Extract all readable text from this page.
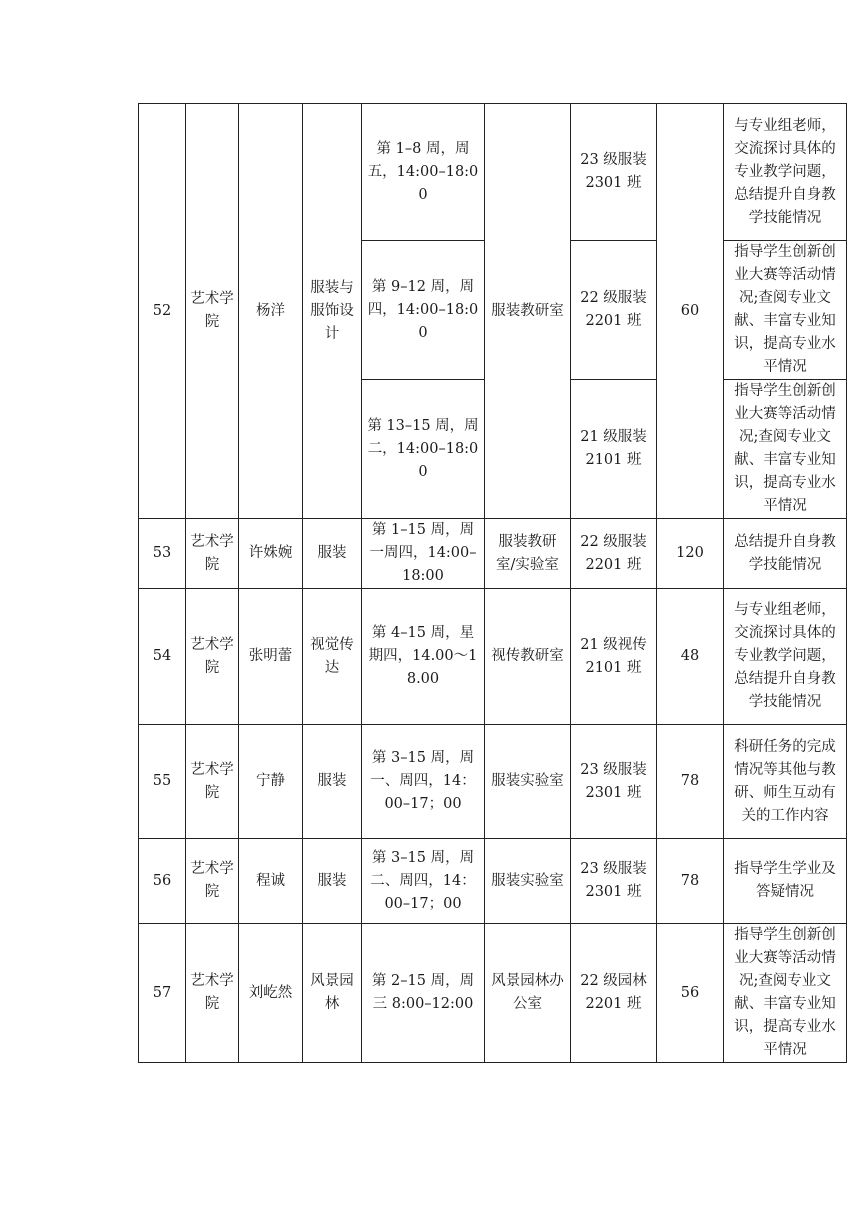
52	艺术学院	杨洋	服装与服饰设计	第 1–8 周，周五，14:00–18:00	服装教研室	23 级服装 2301 班	60	与专业组老师，交流探讨具体的专业教学问题，总结提升自身教学技能情况
				第 9–12 周，周四，14:00–18:00		22 级服装 2201 班		指导学生创新创业大赛等活动情况;查阅专业文献、丰富专业知识，提高专业水平情况
				第 13–15 周，周二，14:00–18:00		21 级服装 2101 班		指导学生创新创业大赛等活动情况;查阅专业文献、丰富专业知识，提高专业水平情况
53	艺术学院	许姝婉	服装	第 1–15 周，周一周四，14:00–18:00	服装教研室/实验室	22 级服装 2201 班	120	总结提升自身教学技能情况
54	艺术学院	张明蕾	视觉传达	第 4–15 周，星期四，14.00～18.00	视传教研室	21 级视传 2101 班	48	与专业组老师，交流探讨具体的专业教学问题，总结提升自身教学技能情况
55	艺术学院	宁静	服装	第 3–15 周，周一、周四，14：00–17；00	服装实验室	23 级服装 2301 班	78	科研任务的完成情况等其他与教研、师生互动有关的工作内容
56	艺术学院	程诚	服装	第 3–15 周，周二、周四，14：00–17；00	服装实验室	23 级服装 2301 班	78	指导学生学业及答疑情况
57	艺术学院	刘屹然	风景园林	第 2–15 周，周三 8:00–12:00	风景园林办公室	22 级园林 2201 班	56	指导学生创新创业大赛等活动情况;查阅专业文献、丰富专业知识，提高专业水平情况
